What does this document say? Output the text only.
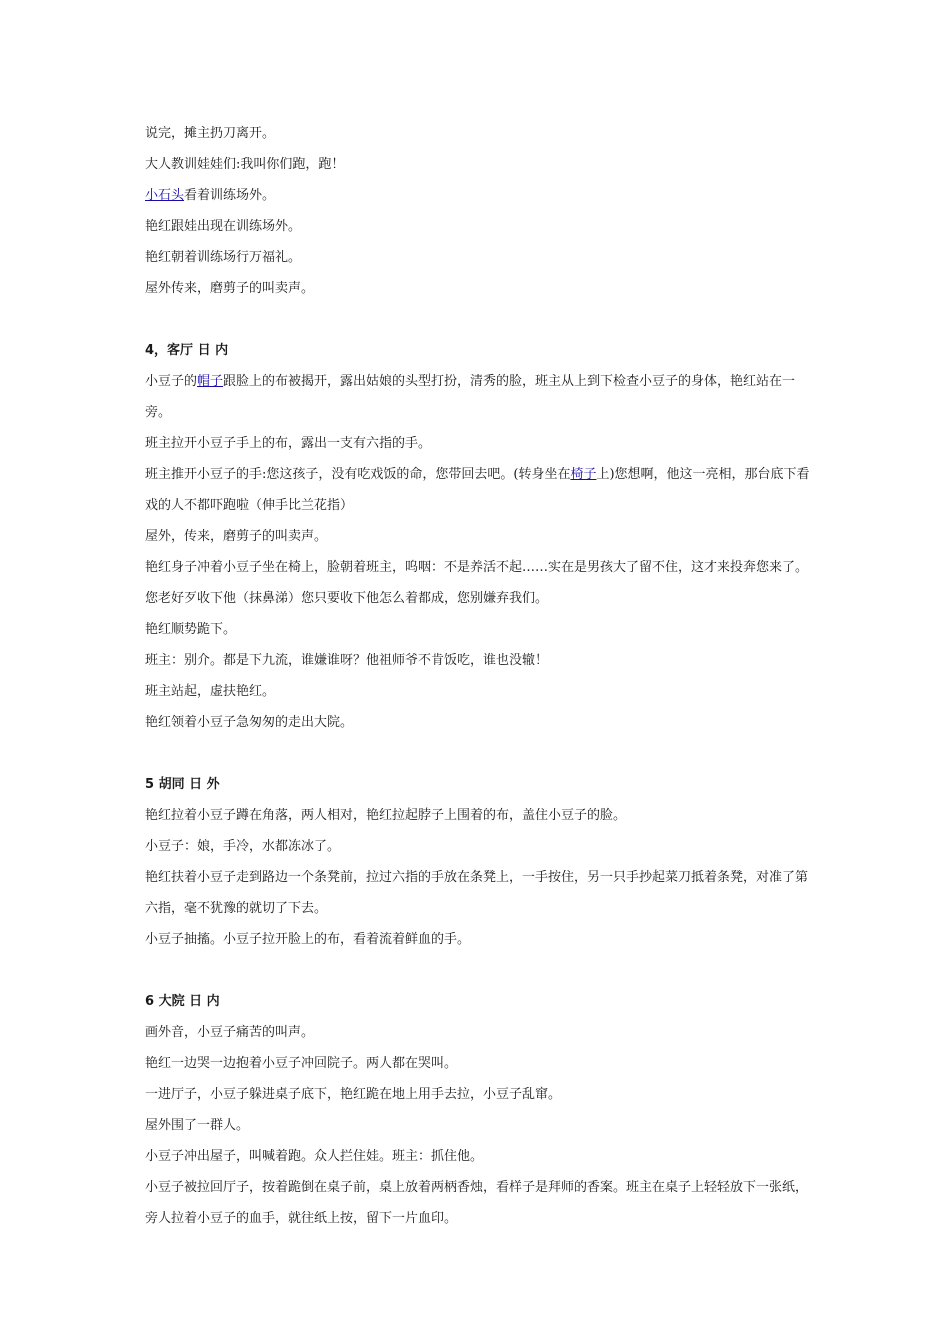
说完，摊主扔刀离开。

大人教训娃娃们:我叫你们跑，跑！

小石头看着训练场外。

艳红跟娃出现在训练场外。

艳红朝着训练场行万福礼。

屋外传来，磨剪子的叫卖声。

4，客厅 日 内

小豆子的帽子跟脸上的布被揭开，露出姑娘的头型打扮，清秀的脸，班主从上到下检查小豆子的身体，艳红站在一旁。

班主拉开小豆子手上的布，露出一支有六指的手。

班主推开小豆子的手:您这孩子，没有吃戏饭的命，您带回去吧。(转身坐在椅子上)您想啊，他这一亮相，那台底下看戏的人不都吓跑啦（伸手比兰花指）

屋外，传来，磨剪子的叫卖声。

艳红身子冲着小豆子坐在椅上，脸朝着班主，呜咽：不是养活不起……实在是男孩大了留不住，这才来投奔您来了。您老好歹收下他（抹鼻涕）您只要收下他怎么着都成，您别嫌弃我们。

艳红顺势跪下。

班主：别介。都是下九流，谁嫌谁呀？他祖师爷不肯饭吃，谁也没辙！

班主站起，虚扶艳红。

艳红领着小豆子急匆匆的走出大院。

5 胡同 日 外

艳红拉着小豆子蹲在角落，两人相对，艳红拉起脖子上围着的布，盖住小豆子的脸。

小豆子：娘，手冷，水都冻冰了。

艳红扶着小豆子走到路边一个条凳前，拉过六指的手放在条凳上，一手按住，另一只手抄起菜刀抵着条凳，对准了第六指，毫不犹豫的就切了下去。

小豆子抽搐。小豆子拉开脸上的布，看着流着鲜血的手。

6 大院 日 内

画外音，小豆子痛苦的叫声。

艳红一边哭一边抱着小豆子冲回院子。两人都在哭叫。

一进厅子，小豆子躲进桌子底下，艳红跪在地上用手去拉，小豆子乱窜。

屋外围了一群人。

小豆子冲出屋子，叫喊着跑。众人拦住娃。班主：抓住他。

小豆子被拉回厅子，按着跪倒在桌子前，桌上放着两柄香烛，看样子是拜师的香案。班主在桌子上轻轻放下一张纸，旁人拉着小豆子的血手，就往纸上按，留下一片血印。
